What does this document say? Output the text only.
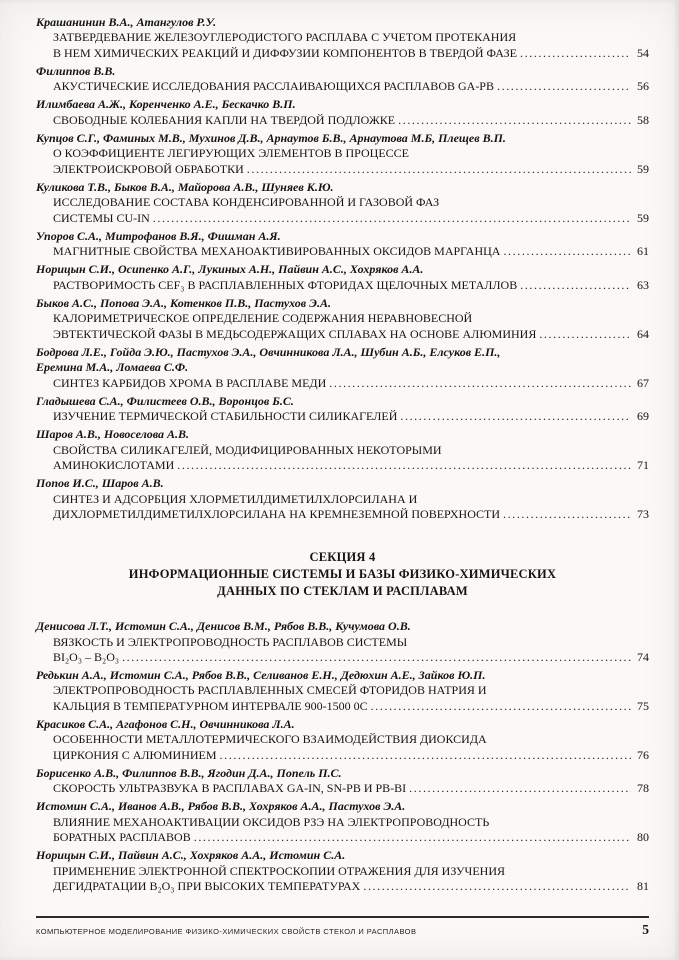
Крашанинин В.А., Атангулов Р.У.
ЗАТВЕРДЕВАНИЕ ЖЕЛЕЗОУГЛЕРОДИСТОГО РАСПЛАВА С УЧЕТОМ ПРОТЕКАНИЯ
В НЕМ ХИМИЧЕСКИХ РЕАКЦИЙ И ДИФФУЗИИ КОМПОНЕНТОВ В ТВЕРДОЙ ФАЗЕ .....	54
Филиппов В.В.
АКУСТИЧЕСКИЕ ИССЛЕДОВАНИЯ РАССЛАИВАЮЩИХСЯ РАСПЛАВОВ GA-PB .....	56
Илимбаева А.Ж., Коренченко А.Е., Бескачко В.П.
СВОБОДНЫЕ КОЛЕБАНИЯ КАПЛИ НА ТВЕРДОЙ ПОДЛОЖКЕ .....	58
Купцов С.Г., Фаминых М.В., Мухинов Д.В., Арнаутов Б.В., Арнаутова М.Б, Плещев В.П.
О КОЭФФИЦИЕНТЕ ЛЕГИРУЮЩИХ ЭЛЕМЕНТОВ В ПРОЦЕССЕ
ЭЛЕКТРОИСКРОВОЙ ОБРАБОТКИ .....	59
Куликова Т.В., Быков В.А., Майорова А.В., Шуняев К.Ю.
ИССЛЕДОВАНИЕ СОСТАВА КОНДЕНСИРОВАННОЙ И ГАЗОВОЙ ФАЗ
СИСТЕМЫ CU-IN .....	59
Упоров С.А., Митрофанов В.Я., Фишман А.Я.
МАГНИТНЫЕ СВОЙСТВА МЕХАНОАКТИВИРОВАННЫХ ОКСИДОВ МАРГАНЦА .....	61
Норицын С.И., Осипенко А.Г., Лукиных А.Н., Пайвин А.С., Хохряков А.А.
РАСТВОРИМОСТЬ CEF₃ В РАСПЛАВЛЕННЫХ ФТОРИДАХ ЩЕЛОЧНЫХ МЕТАЛЛОВ .....	63
Быков А.С., Попова Э.А., Котенков П.В., Пастухов Э.А.
КАЛОРИМЕТРИЧЕСКОЕ ОПРЕДЕЛЕНИЕ СОДЕРЖАНИЯ НЕРАВНОВЕСНОЙ
ЭВТЕКТИЧЕСКОЙ ФАЗЫ В МЕДЬСОДЕРЖАЩИХ СПЛАВАХ НА ОСНОВЕ АЛЮМИНИЯ .....	64
Бодрова Л.Е., Гойда Э.Ю., Пастухов Э.А., Овчинникова Л.А., Шубин А.Б., Елсуков Е.П.,
Еремина М.А., Ломаева С.Ф.
СИНТЕЗ КАРБИДОВ ХРОМА В РАСПЛАВЕ МЕДИ .....	67
Гладышева С.А., Филистеев О.В., Воронцов Б.С.
ИЗУЧЕНИЕ ТЕРМИЧЕСКОЙ СТАБИЛЬНОСТИ СИЛИКАГЕЛЕЙ .....	69
Шаров А.В., Новоселова А.В.
СВОЙСТВА СИЛИКАГЕЛЕЙ, МОДИФИЦИРОВАННЫХ НЕКОТОРЫМИ
АМИНОКИСЛОТАМИ .....	71
Попов И.С., Шаров А.В.
СИНТЕЗ И АДСОРБЦИЯ ХЛОРМЕТИЛДИМЕТИЛХЛОРСИЛАНА И
ДИХЛОРМЕТИЛДИМЕТИЛХЛОРСИЛАНА НА КРЕМНЕЗЕМНОЙ ПОВЕРХНОСТИ .....	73
СЕКЦИЯ 4
ИНФОРМАЦИОННЫЕ СИСТЕМЫ И БАЗЫ ФИЗИКО-ХИМИЧЕСКИХ
ДАННЫХ ПО СТЕКЛАМ И РАСПЛАВАМ
Денисова Л.Т., Истомин С.А., Денисов В.М., Рябов В.В., Кучумова О.В.
ВЯЗКОСТЬ И ЭЛЕКТРОПРОВОДНОСТЬ РАСПЛАВОВ СИСТЕМЫ
BI₂O₃ – B₂O₃ .....	74
Редькин А.А., Истомин С.А., Рябов В.В., Селиванов Е.Н., Дедюхин А.Е., Зайков Ю.П.
ЭЛЕКТРОПРОВОДНОСТЬ РАСПЛАВЛЕННЫХ СМЕСЕЙ ФТОРИДОВ НАТРИЯ И
КАЛЬЦИЯ В ТЕМПЕРАТУРНОМ ИНТЕРВАЛЕ 900-1500 0С .....	75
Красиков С.А., Агафонов С.Н., Овчинникова Л.А.
ОСОБЕННОСТИ МЕТАЛЛОТЕРМИЧЕСКОГО ВЗАИМОДЕЙСТВИЯ ДИОКСИДА
ЦИРКОНИЯ С АЛЮМИНИЕМ .....	76
Борисенко А.В., Филиппов В.В., Ягодин Д.А., Попель П.С.
СКОРОСТЬ УЛЬТРАЗВУКА В РАСПЛАВАХ GA-IN, SN-PB И PB-BI .....	78
Истомин С.А., Иванов А.В., Рябов В.В., Хохряков А.А., Пастухов Э.А.
ВЛИЯНИЕ МЕХАНОАКТИВАЦИИ ОКСИДОВ РЗЭ НА ЭЛЕКТРОПРОВОДНОСТЬ
БОРАТНЫХ РАСПЛАВОВ .....	80
Норицын С.И., Пайвин А.С., Хохряков А.А., Истомин С.А.
ПРИМЕНЕНИЕ ЭЛЕКТРОННОЙ СПЕКТРОСКОПИИ ОТРАЖЕНИЯ ДЛЯ ИЗУЧЕНИЯ
ДЕГИДРАТАЦИИ B₂O₃ ПРИ ВЫСОКИХ ТЕМПЕРАТУРАХ .....	81
КОМПЬЮТЕРНОЕ МОДЕЛИРОВАНИЕ ФИЗИКО-ХИМИЧЕСКИХ СВОЙСТВ СТЕКОЛ И РАСПЛАВОВ	5
